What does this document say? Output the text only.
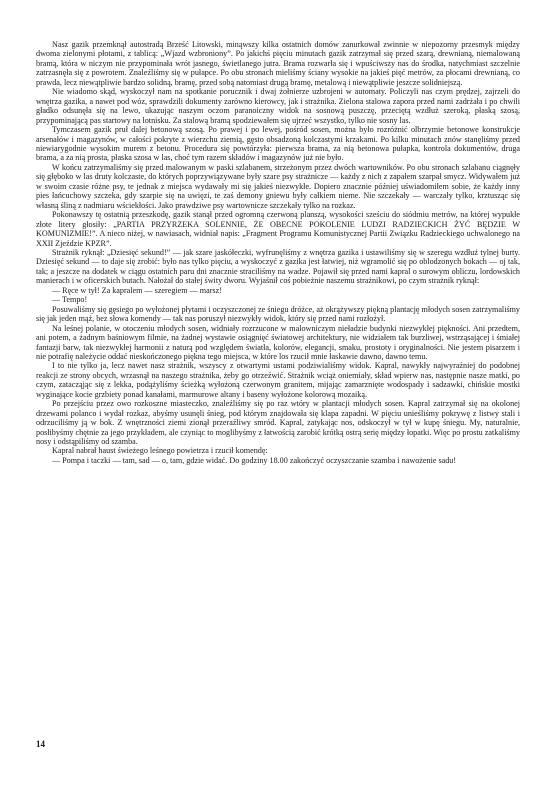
Nasz gazik przemknął autostradą Brześć Litowski, minąwszy kilka ostatnich domów zanurkował zwinnie w niepozorny przesmyk między dwoma zielonymi płotami, z tablicą: „Wjazd wzbroniony”. Po jakichś pięciu minutach gazik zatrzymał się przed szarą, drewnianą, niemalowaną bramą, która w niczym nie przypominała wrót jasnego, świetlanego jutra. Brama rozwarła się i wpuściwszy nas do środka, natychmiast szczelnie zatrzasnęła się z powrotem. Znaleźliśmy się w pułapce. Po obu stronach mieliśmy ściany wysokie na jakieś pięć metrów, za płocami drewnianą, co prawda, lecz niewątpliwie bardzo solidną, bramę, przed sobą natomiast drugą bramę, metalową i niewątpliwie jeszcze solidniejszą.

Nie wiadomo skąd, wyskoczył nam na spotkanie porucznik i dwaj żołnierze uzbrojeni w automaty. Policzyli nas czym prędzej, zajrzeli do wnętrza gazika, a nawet pod wóz, sprawdzili dokumenty zarówno kierowcy, jak i strażnika. Zielona stalowa zapora przed nami zadrżała i po chwili gładko odsunęła się na lewo, ukazując naszym oczom paranoiczny widok na sosnową puszczę, przeciętą wzdłuż szeroką, płaską szosą, przypominającą pas startowy na lotnisku. Za stalową bramą spodziewałem się ujrzeć wszystko, tylko nie sosny las.

Tymczasem gazik pruł dalej betonową szosą. Po prawej i po lewej, pośród sosen, można było rozróżnić olbrzymie betonowe konstrukcje arsenałów i magazynów, w całości pokryte z wierzchu ziemią, gęsto obsadzoną kolczastymi krzakami. Po kilku minutach znów stanęliśmy przed niewiarygodnie wysokim murem z betonu. Procedura się powtórzyła: pierwsza brama, za nią betonowa pułapka, kontrola dokumentów, druga brama, a za nią prosta, płaska szosa w las, choć tym razem składów i magazynów już nie było.

W końcu zatrzymaliśmy się przed malowanym w paski szlabanem, strzeżonym przez dwóch wartowników. Po obu stronach szlabanu ciągnęły się głęboko w las druty kolczaste, do których poprzywiązywane były szare psy strażnicze — każdy z nich z zapałem szarpał smycz. Widywałem już w swoim czasie różne psy, te jednak z miejsca wydawały mi się jakieś niezwykłe. Dopiero znacznie później uświadomiłem sobie, że każdy inny pies łańcuchowy szczeka, gdy szarpie się na uwięzi, te zaś demony gniewu były całkiem nieme. Nie szczekały — warczały tylko, krztusząc się własną śliną z nadmiaru wściekłości. Jako prawdziwe psy wartownicze szczekały tylko na rozkaz.

Pokonawszy tę ostatnią przeszkodę, gazik stanął przed ogromną czerwoną planszą, wysokości sześciu do siódmiu metrów, na której wypukłe złote litery głosiły: „PARTIA PRZYRZEKA SOLENNIE, ŻE OBECNE POKOLENIE LUDZI RADZIECKICH ŻYĆ BĘDZIE W KOMUNIZMIE!”. A nieco niżej, w nawiasach, widniał napis: „Fragment Programu Komunistycznej Partii Związku Radzieckiego uchwalonego na XXII Zjeździe KPZR”.

Strażnik ryknął: „Dziesięć sekund!” — jak szare jaskółeczki, wyfrunęliśmy z wnętrza gazika i ustawiliśmy się w szeregu wzdłuż tylnej burty. Dziesięć sekund — to daje się zrobić: było nas tylko pięciu, a wyskoczyć z gazika jest łatwiej, niż wgramolić się po oblodzonych bokach — oj tak, tak; a jeszcze na dodatek w ciągu ostatnich paru dni znacznie straciliśmy na wadze. Pojawił się przed nami kapral o surowym obliczu, lordowskich manierach i w oficerskich butach. Nałożał do stałej świty dworu. Wyjaśnił coś pobieżnie naszemu strażnikowi, po czym strażnik ryknął:

— Ręce w tył! Za kapralem — szeregiem — marsz!

— Tempo!

Posuwaliśmy się gęsiego po wyłożonej płytami i oczyszczonej ze śniegu dróżce, aż okrążywszy piękną plantację młodych sosen zatrzymaliśmy się jak jeden mąż, bez słowa komendy — tak nas poruszył niezwykły widok, który się przed nami rozłożył.

Na leśnej polanie, w otoczeniu młodych sosen, widniały rozrzucone w malowniczym nieładzie budynki niezwykłej piękności. Ani przedtem, ani potem, a żadnym baśniowym filmie, na żadnej wystawie osiągnięć światowej architektury, nie widziałem tak burzliwej, wstrząsającej i śmiałej fantazji barw, tak niezwykłej harmonii z naturą pod względem światła, kolorów, elegancji, smaku, prostoty i oryginalności. Nie jestem pisarzem i nie potrafię należycie oddać nieskończonego piękna tego miejsca, w które los rzucił mnie łaskawie dawno, dawno temu.

I to nie tylko ja, lecz nawet nasz strażnik, wszyscy z otwartymi ustami podziwialiśmy widok. Kapral, nawykły najwyraźniej do podobnej reakcji ze strony obcych, wrzasnął na naszego strażnika, żeby go otrzeźwić. Strażnik wciąż oniemiały, skład wpierw nas, następnie nasze matki, po czym, zatacząjąc się z lekka, podążyliśmy ścieżką wyłożoną czerwonym granitem, mijając zamarznięte wodospady i sadzawki, chińskie mostki wyginające kocie grzbiety ponad kanałami, marmurowe altany i baseny wyłożone kolorową mozaiką.

Po przejściu przez owo rozkoszne miasteczko, znaleźliśmy się po raz wtóry w plantacji młodych sosen. Kapral zatrzymał się na okolonej drzewami polanco i wydał rozkaz, abyśmy usunęli śnieg, pod którym znajdowała się klapa zapadni. W pięciu unieśliśmy pokrywę z listwy stali i odrzuciliśmy ją w bok. Z wnętrzności ziemi zionął przeraźliwy smród. Kapral, zatykając nos, odskoczył w tył w kupę śniegu. My, naturalnie, posłibyśmy chętnie za jego przykładem, ale czyniąc to moglibyśmy z łatwością zarobić krótką ostrą serię między łopatki. Więc po prostu zatkaliśmy nosy i odstąpiliśmy od szamba.

Kapral nabrał haust świeżego leśnego powietrza i rzucił komendę:

— Pompa i taczki — tam, sad — o, tam, gdzie widać. Do godziny 18.00 zakończyć oczyszczanie szamba i nawożenie sadu!

14
